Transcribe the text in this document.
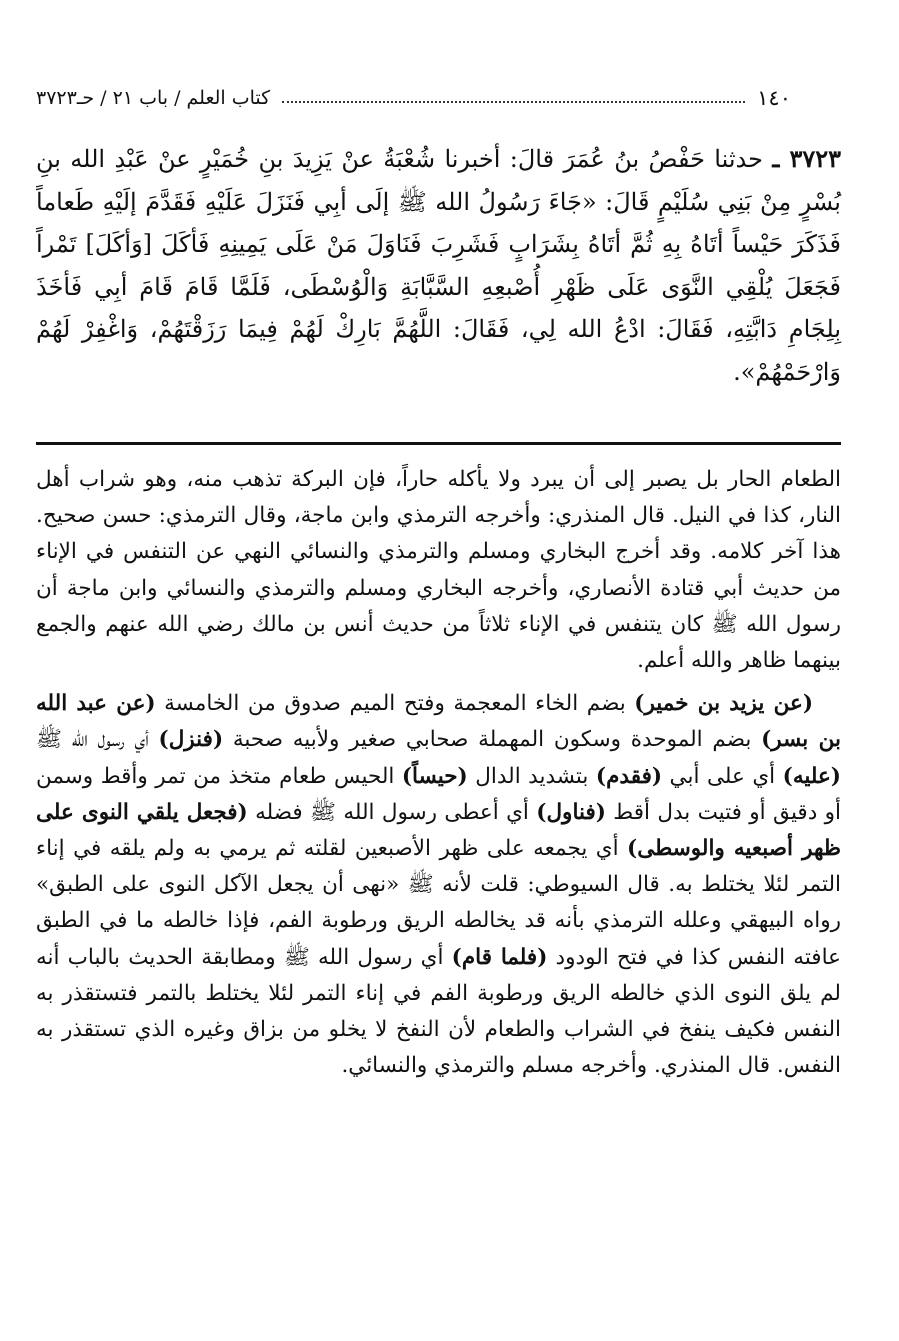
١٤٠
كتاب العلم / باب ٢١ / حـ٣٧٢٣
٣٧٢٣ ـ حدثنا حَفْصُ بنُ عُمَرَ قالَ: أخبرنا شُعْبَةُ عنْ يَزِيدَ بنِ خُمَيْرٍ عنْ عَبْدِ الله بنِ بُسْرٍ مِنْ بَنِي سُلَيْمٍ قَالَ: «جَاءَ رَسُولُ الله ﷺ إلَى أبِي فَنَزَلَ عَلَيْهِ فَقَدَّمَ إلَيْهِ طَعاماً فَذَكَرَ حَيْساً أتَاهُ بِهِ ثُمَّ أتَاهُ بِشَرَابٍ فَشَرِبَ فَنَاوَلَ مَنْ عَلَى يَمِينِهِ فَأكَلَ [وَأكَلَ] تَمْراً فَجَعَلَ يُلْقِي النَّوَى عَلَى ظَهْرِ أُصْبعِهِ السَّبَّابَةِ وَالْوُسْطَى، فَلَمَّا قَامَ قَامَ أبِي فَأخَذَ بِلِجَامِ دَابَّتِهِ، فَقَالَ: ادْعُ الله لِي، فَقَالَ: اللَّهُمَّ بَارِكْ لَهُمْ فِيمَا رَزَقْتَهُمْ، وَاغْفِرْ لَهُمْ وَارْحَمْهُمْ».

الطعام الحار بل يصبر إلى أن يبرد ولا يأكله حاراً، فإن البركة تذهب منه، وهو شراب أهل النار، كذا في النيل. قال المنذري: وأخرجه الترمذي وابن ماجة، وقال الترمذي: حسن صحيح. هذا آخر كلامه. وقد أخرج البخاري ومسلم والترمذي والنسائي النهي عن التنفس في الإناء من حديث أبي قتادة الأنصاري، وأخرجه البخاري ومسلم والترمذي والنسائي وابن ماجة أن رسول الله ﷺ كان يتنفس في الإناء ثلاثاً من حديث أنس بن مالك رضي الله عنهم والجمع بينهما ظاهر والله أعلم.

(عن يزيد بن خمير) بضم الخاء المعجمة وفتح الميم صدوق من الخامسة (عن عبد الله بن بسر) بضم الموحدة وسكون المهملة صحابي صغير ولأبيه صحبة (فنزل) أي رسول الله ﷺ (عليه) أي على أبي (فقدم) بتشديد الدال (حيساً) الحيس طعام متخذ من تمر وأقط وسمن أو دقيق أو فتيت بدل أقط (فناول) أي أعطى رسول الله ﷺ فضله (فجعل يلقي النوى على ظهر أصبعيه والوسطى) أي يجمعه على ظهر الأصبعين لقلته ثم يرمي به ولم يلقه في إناء التمر لئلا يختلط به. قال السيوطي: قلت لأنه ﷺ «نهى أن يجعل الآكل النوى على الطبق» رواه البيهقي وعلله الترمذي بأنه قد يخالطه الريق ورطوبة الفم، فإذا خالطه ما في الطبق عافته النفس كذا في فتح الودود (فلما قام) أي رسول الله ﷺ ومطابقة الحديث بالباب أنه لم يلق النوى الذي خالطه الريق ورطوبة الفم في إناء التمر لئلا يختلط بالتمر فتستقذر به النفس فكيف ينفخ في الشراب والطعام لأن النفخ لا يخلو من بزاق وغيره الذي تستقذر به النفس. قال المنذري. وأخرجه مسلم والترمذي والنسائي.
